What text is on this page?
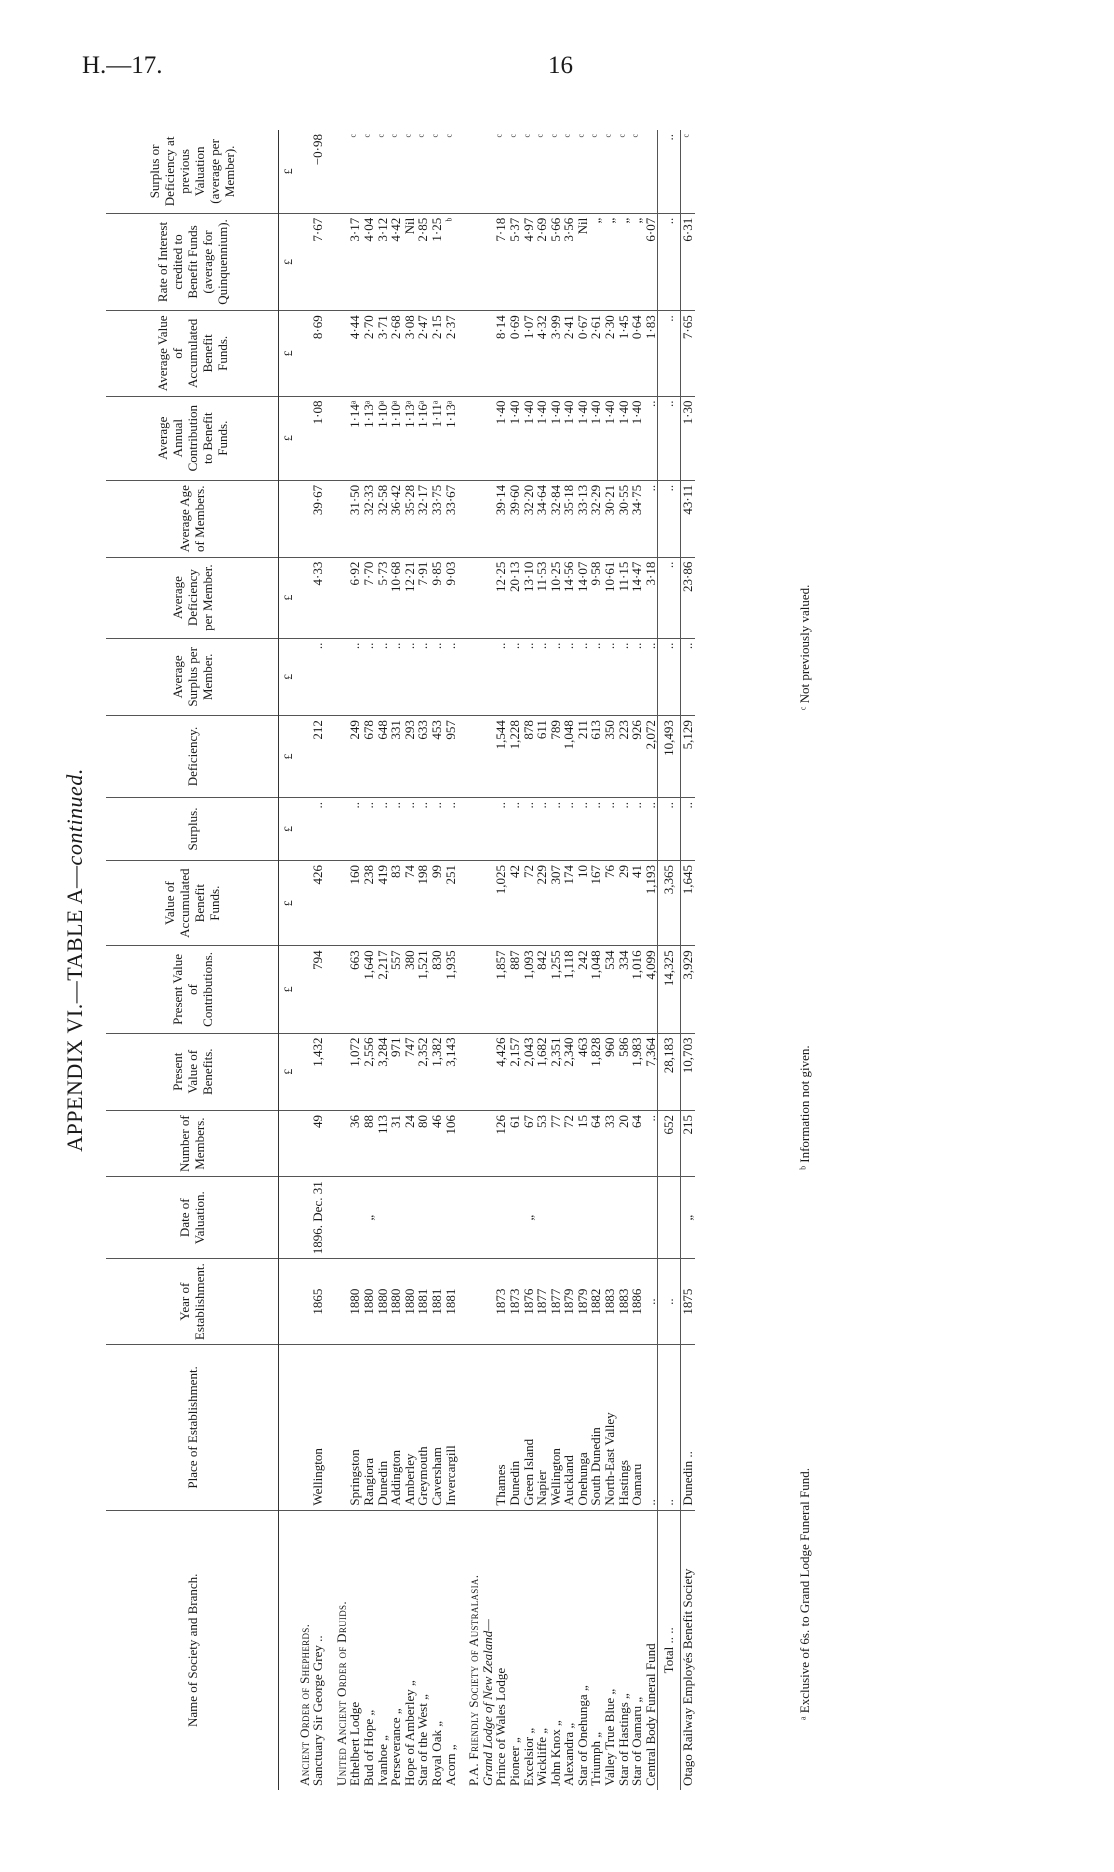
H.—17.	16
APPENDIX VI.—TABLE A—continued.
Name of Society and Branch.	Place of Establishment.	Year of Establishment.	Date of Valuation.	Number of Members.	Present Value of Benefits.	Present Value of Contributions.	Value of Accumulated Benefit Funds.	Surplus.	Deficiency.	Average Surplus per Member.	Average Deficiency per Member.	Average Age of Members.	Average Annual Contribution to Benefit Funds.	Average Value of Accumulated Benefit Funds.	Rate of Interest credited to Benefit Funds (average for Quinquennium).	Surplus or Deficiency at previous Valuation (average per Member).
					£	£	£	£	£	£	£		£	£	£	£
Ancient Order of Shepherds.																
Sanctuary Sir George Grey ..	Wellington	1865	1896. Dec. 31	49	1,432	794	426	..	212	..	4·33	39·67	1·08	8·69	7·67	−0·98

United Ancient Order of Druids.																
Ethelbert Lodge	Springston	1880		36	1,072	663	160	..	249	..	6·92	31·50	1·14ᵃ	4·44	3·17	ᶜ
Bud of Hope „	Rangiora	1880	„	88	2,556	1,640	238	..	678	..	7·70	32·33	1·13ᵃ	2·70	4·04	ᶜ
Ivanhoe „	Dunedin	1880		113	3,284	2,217	419	..	648	..	5·73	32·58	1·10ᵃ	3·71	3·12	ᶜ
Perseverance „	Addington	1880		31	971	557	83	..	331	..	10·68	36·42	1·10ᵃ	2·68	4·42	ᶜ
Hope of Amberley „	Amberley	1880		24	747	380	74	..	293	..	12·21	35·28	1·13ᵃ	3·08	Nil	ᶜ
Star of the West „	Greymouth	1881		80	2,352	1,521	198	..	633	..	7·91	32·17	1·16ᵃ	2·47	2·85	ᶜ
Royal Oak „	Caversham	1881		46	1,382	830	99	..	453	..	9·85	33·75	1·11ᵃ	2·15	1·25	ᶜ
Acorn „	Invercargill	1881		106	3,143	1,935	251	..	957	..	9·03	33·67	1·13ᵃ	2·37	ᵇ	ᶜ

P.A. Friendly Society of Australasia.																
Grand Lodge of New Zealand—																
Prince of Wales Lodge	Thames	1873		126	4,426	1,857	1,025	..	1,544	..	12·25	39·14	1·40	8·14	7·18	ᶜ
Pioneer „	Dunedin	1873		61	2,157	887	42	..	1,228	..	20·13	39·60	1·40	0·69	5·37	ᶜ
Excelsior „	Green Island	1876	„	67	2,043	1,093	72	..	878	..	13·10	32·20	1·40	1·07	4·97	ᶜ
Wickliffe „	Napier	1877		53	1,682	842	229	..	611	..	11·53	34·64	1·40	4·32	2·69	ᶜ
John Knox „	Wellington	1877		77	2,351	1,255	307	..	789	..	10·25	32·84	1·40	3·99	5·66	ᶜ
Alexandra „	Auckland	1879		72	2,340	1,118	174	..	1,048	..	14·56	35·18	1·40	2·41	3·56	ᶜ
Star of Onehunga „	Onehunga	1879		15	463	242	10	..	211	..	14·07	33·13	1·40	0·67	Nil	ᶜ
Triumph „	South Dunedin	1882		64	1,828	1,048	167	..	613	..	9·58	32·29	1·40	2·61	„	ᶜ
Valley True Blue „	North-East Valley	1883		33	960	534	76	..	350	..	10·61	30·21	1·40	2·30	„	ᶜ
Star of Hastings „	Hastings	1883		20	586	334	29	..	223	..	11·15	30·55	1·40	1·45	„	ᶜ
Star of Oamaru „	Oamaru	1886		64	1,983	1,016	41	..	926	..	14·47	34·75	1·40	0·64	„	ᶜ
Central Body Funeral Fund	..	..		..	7,364	4,099	1,193	..	2,072	..	3·18	..	..	1·83	6·07	
Total .. ..	..	..		652	28,183	14,325	3,365	..	10,493	..	..	..	..	..	..	..
Otago Railway Employés Benefit Society	Dunedin ..	1875	„	215	10,703	3,929	1,645	..	5,129	..	23·86	43·11	1·30	7·65	6·31	ᶜ
ᵃ Exclusive of 6s. to Grand Lodge Funeral Fund.
ᵇ Information not given.
ᶜ Not previously valued.
